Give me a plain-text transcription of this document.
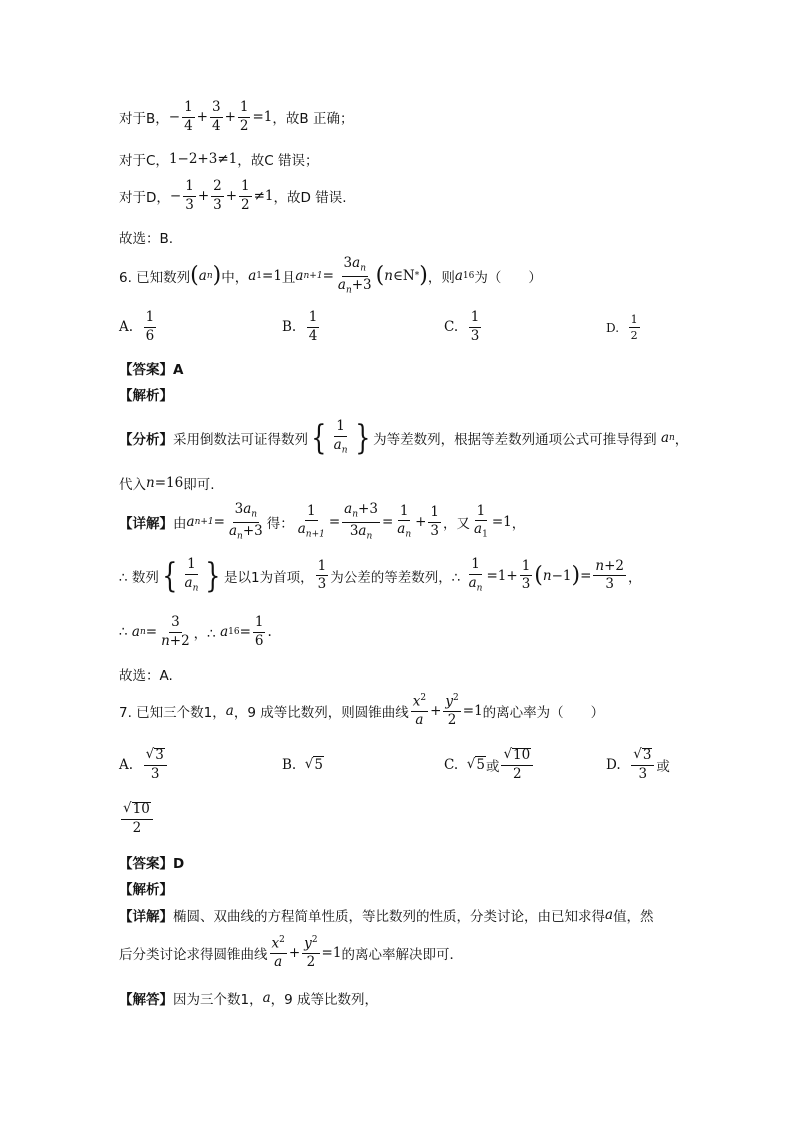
对于B， − $\frac{1}{4} + \frac{3}{4} + \frac{1}{2} =1$ ，故B 正确；
对于C， 1−2+3≠1 ，故C 错误；
对于D， − $\frac{1}{3} + \frac{2}{3} + \frac{1}{2} \ne 1$ ，故D 错误.
故选：B.
6. 已知数列 ( a n ) 中， a 1 =1 且 a $n+1 = \frac{3a_n}{a_n+3}$ ( n ∈N * ) ，则 a 16 为（　　）
A. $\frac{1}{6}$	B. $\frac{1}{4}$	C. $\frac{1}{3}$	D. $\frac{1}{2}$
【答案】A
【解析】
【分析】 采用倒数法可证得数列 { $\frac{1}{a_n}$ } 为等差数列，根据等差数列通项公式可推导得到
a n ，
代入 n =16 即可.
【详解】 由 a $n+1 = \frac{3a_n}{a_n+3}$ 得： $\frac{1}{a_{n+1}} = \frac{a_n+3}{3a_n} = \frac{1}{a_n} + \frac{1}{3}$ ，又 $\frac{1}{a_1} =1$ ，
∴ 数列 { $\frac{1}{a_n}$ } 是以1为首项， $\frac{1}{3}$ 为公差的等差数列，∴
$\frac{1}{a_n} =1+ \frac{1}{3}$ ( n −1 ) = $\frac{n+2}{3}$ ，
∴
a $n = \frac{3}{n+2}$ ，∴
a $16 = \frac{1}{6}$ .
故选：A.
7. 已知三个数1， a ，9 成等比数列，则圆锥曲线 $\frac{x^2}{a} + \frac{y^2}{2} =1$ 的离心率为（　　）
A. $\frac{√ 3}{3}$	B. √ 5	C. √ 5 或 $\frac{√ 10}{2}$	D. $\frac{√ 3}{3}$ 或
$\frac{√ 10}{2}$
【答案】D
【解析】
【详解】 椭圆、双曲线的方程简单性质，等比数列的性质，分类讨论，由已知求得 a 值，然
后分类讨论求得圆锥曲线 $\frac{x^2}{a} + \frac{y^2}{2} =1$ 的离心率解决即可．
【解答】 因为三个数1， a ，9 成等比数列，
